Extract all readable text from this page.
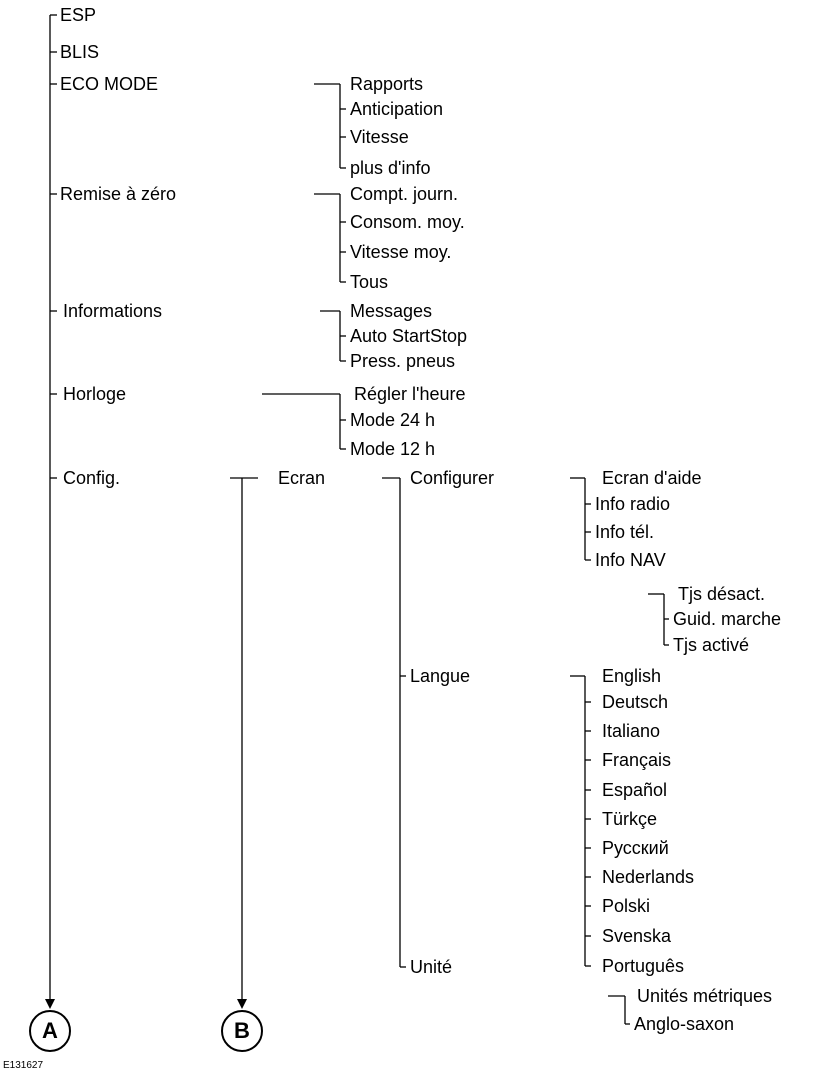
ESP
BLIS
ECO MODE
Remise à zéro
Informations
Horloge
Config.
Rapports
Anticipation
Vitesse
plus d'info
Compt. journ.
Consom. moy.
Vitesse moy.
Tous
Messages
Auto StartStop
Press. pneus
Régler l'heure
Mode 24 h
Mode 12 h
Ecran	Configurer
Langue
Unité
Ecran d'aide
Info radio
Info tél.
Info NAV
Tjs désact.
Guid. marche
Tjs activé
English
Deutsch
Italiano
Français
Español
Türkçe
Русский
Nederlands
Polski
Svenska
Português
Unités métriques
Anglo-saxon
A	B
E131627
